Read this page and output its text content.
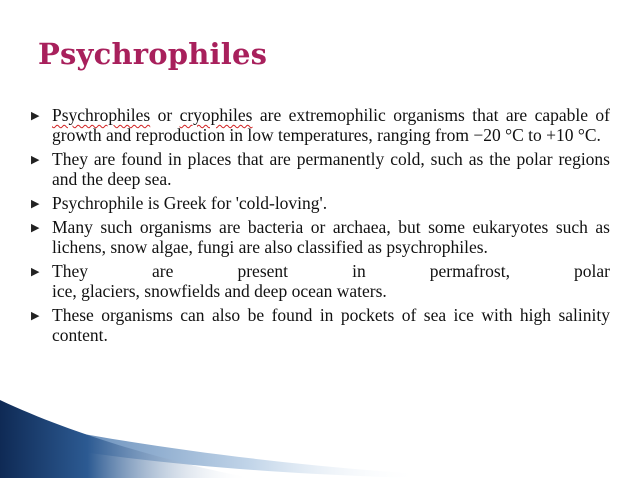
Psychrophiles
▶ Psychrophiles or cryophiles are extremophilic organisms that are capable of growth and reproduction in low temperatures, ranging from −20 °C to +10 °C.
▶ They are found in places that are permanently cold, such as the polar regions and the deep sea.
▶ Psychrophile is Greek for 'cold-loving'.
▶ Many such organisms are bacteria or archaea, but some eukaryotes such as lichens, snow algae, fungi are also classified as psychrophiles.
▶ They are present in permafrost, polar
ice, glaciers, snowfields and deep ocean waters.
▶ These organisms can also be found in pockets of sea ice with high salinity content.
